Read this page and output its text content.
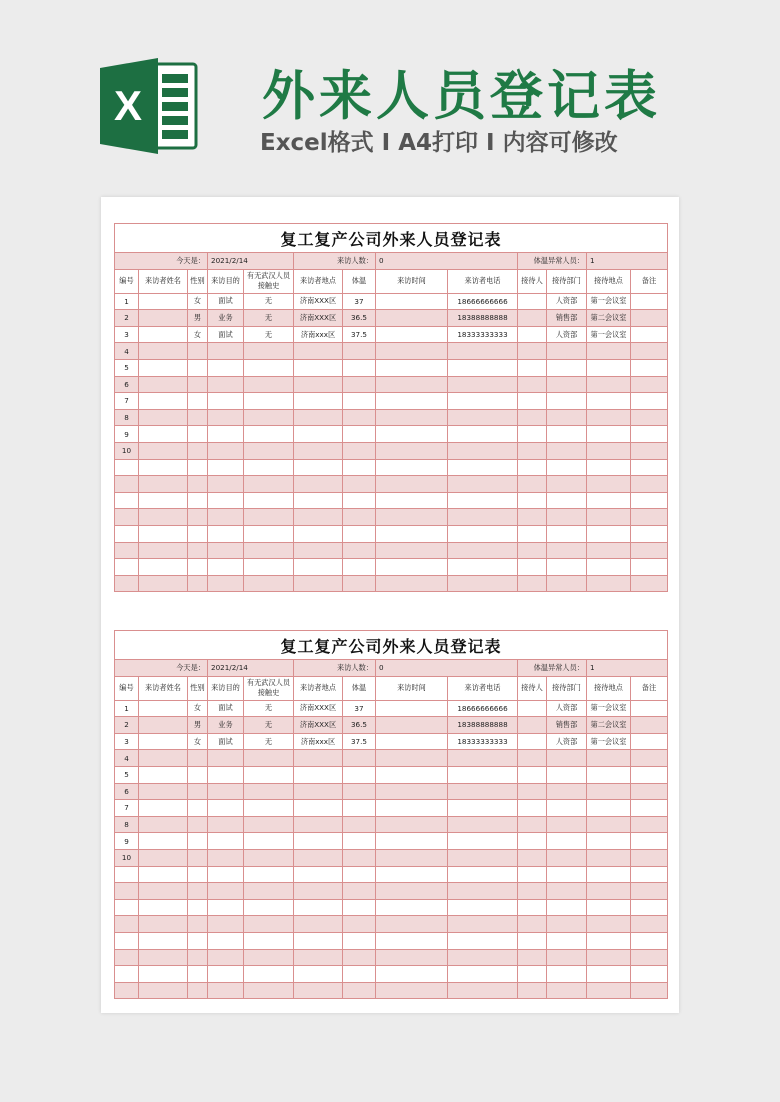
X 外来人员登记表
Excel格式 I A4打印 I 内容可修改
复工复产公司外来人员登记表												
今天是：			2021/2/14		来访人数：		0		体温异常人员：		1	
编号	来访者姓名	性别	来访目的	有无武汉人员接触史	来访者地点	体温	来访时间	来访者电话	接待人	接待部门	接待地点	备注
1		女	面试	无	济南XXX区	37		18666666666		人资部	第一会议室	
2		男	业务	无	济南XXX区	36.5		18388888888		销售部	第二会议室	
3		女	面试	无	济南xxx区	37.5		18333333333		人资部	第一会议室	
4												
5												
6												
7												
8												
9												
10												

复工复产公司外来人员登记表												
今天是：			2021/2/14		来访人数：		0		体温异常人员：		1	
编号	来访者姓名	性别	来访目的	有无武汉人员接触史	来访者地点	体温	来访时间	来访者电话	接待人	接待部门	接待地点	备注
1		女	面试	无	济南XXX区	37		18666666666		人资部	第一会议室	
2		男	业务	无	济南XXX区	36.5		18388888888		销售部	第二会议室	
3		女	面试	无	济南xxx区	37.5		18333333333		人资部	第一会议室	
4												
5												
6												
7												
8												
9												
10												
